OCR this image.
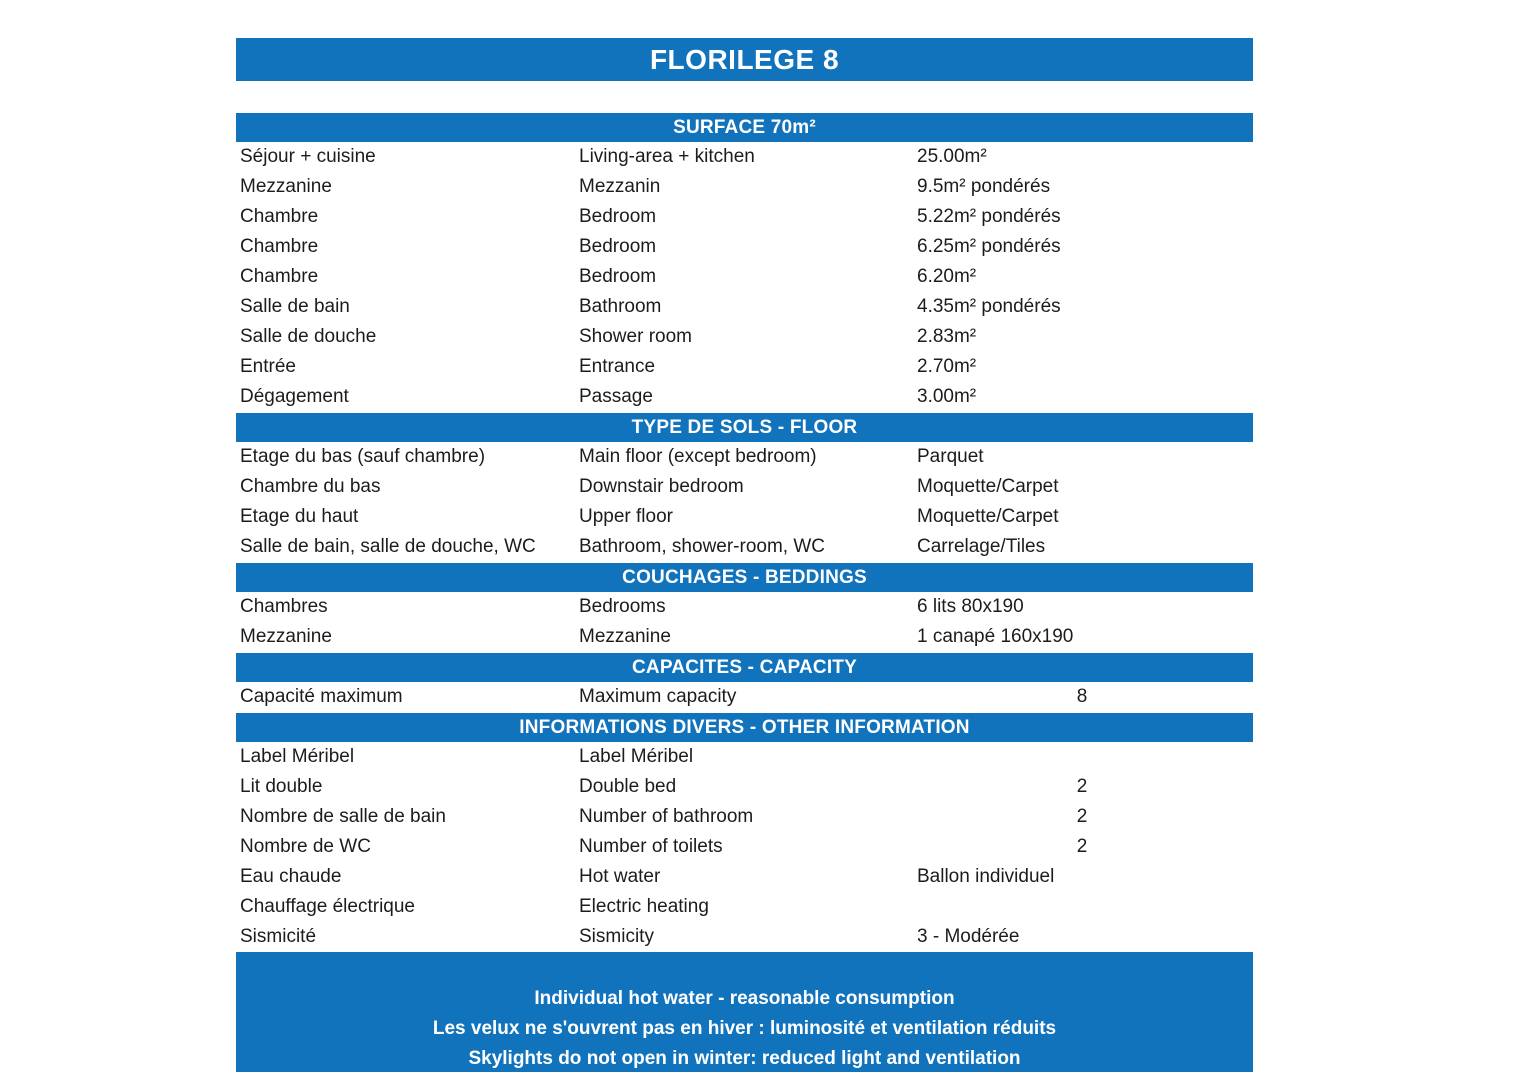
FLORILEGE 8
SURFACE 70m²
Séjour + cuisine	Living-area + kitchen	25.00m²
Mezzanine	Mezzanin	9.5m² pondérés
Chambre	Bedroom	5.22m² pondérés
Chambre	Bedroom	6.25m² pondérés
Chambre	Bedroom	6.20m²
Salle de bain	Bathroom	4.35m² pondérés
Salle de douche	Shower room	2.83m²
Entrée	Entrance	2.70m²
Dégagement	Passage	3.00m²
TYPE DE SOLS - FLOOR
Etage du bas (sauf chambre)	Main floor (except bedroom)	Parquet
Chambre du bas	Downstair bedroom	Moquette/Carpet
Etage du haut	Upper floor	Moquette/Carpet
Salle de bain, salle de douche, WC	Bathroom, shower-room, WC	Carrelage/Tiles
COUCHAGES - BEDDINGS
Chambres	Bedrooms	6 lits 80x190
Mezzanine	Mezzanine	1 canapé 160x190
CAPACITES - CAPACITY
Capacité maximum	Maximum capacity	8
INFORMATIONS DIVERS - OTHER INFORMATION
Label Méribel	Label Méribel
Lit double	Double bed	2
Nombre de salle de bain	Number of bathroom	2
Nombre de WC	Number of toilets	2
Eau chaude	Hot water	Ballon individuel
Chauffage électrique	Electric heating
Sismicité	Sismicity	3 - Modérée
Individual hot water - reasonable consumption
Les velux ne s'ouvrent pas en hiver : luminosité et ventilation réduits
Skylights do not open in winter: reduced light and ventilation
